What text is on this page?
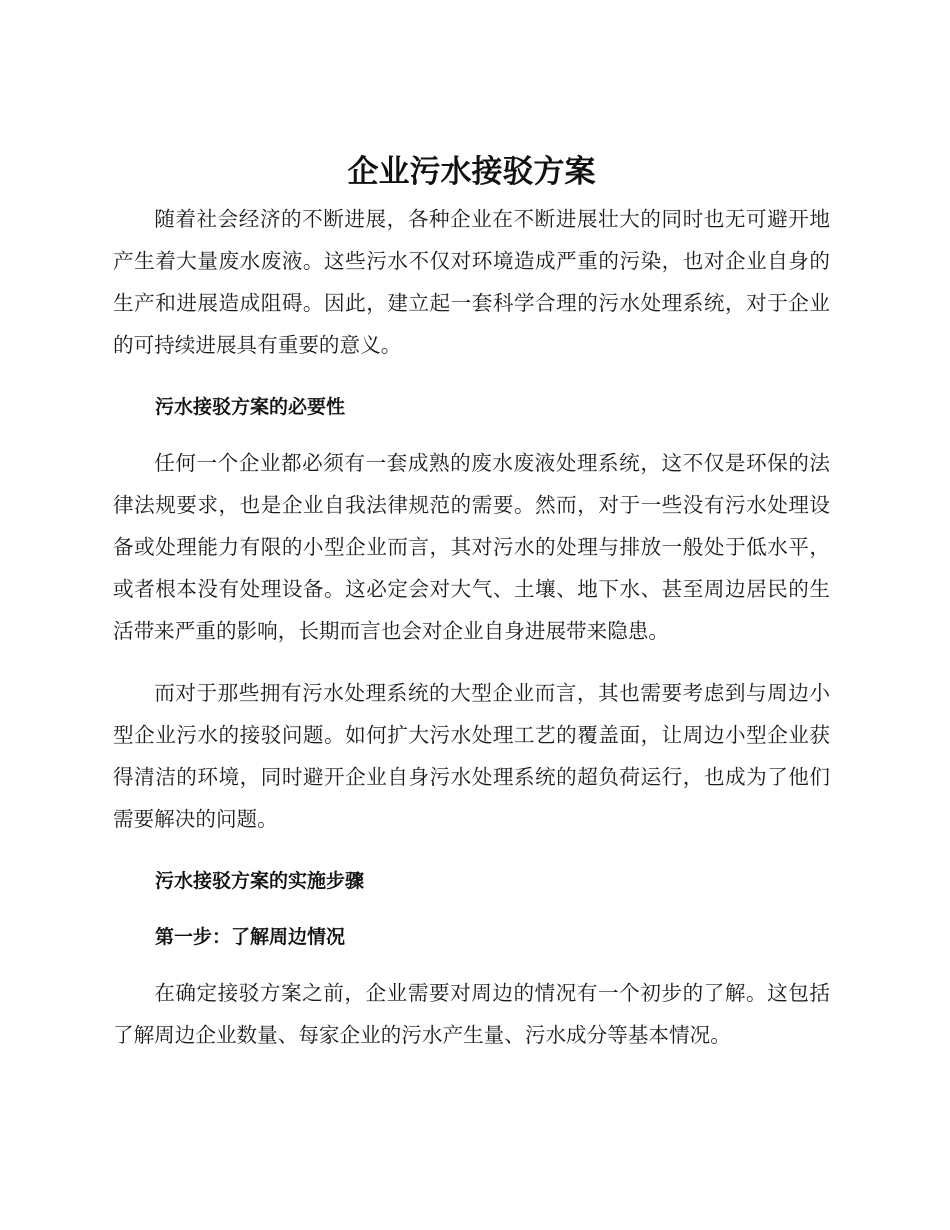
企业污水接驳方案

随着社会经济的不断进展，各种企业在不断进展壮大的同时也无可避开地产生着大量废水废液。这些污水不仅对环境造成严重的污染，也对企业自身的生产和进展造成阻碍。因此，建立起一套科学合理的污水处理系统，对于企业的可持续进展具有重要的意义。

污水接驳方案的必要性

任何一个企业都必须有一套成熟的废水废液处理系统，这不仅是环保的法律法规要求，也是企业自我法律规范的需要。然而，对于一些没有污水处理设备或处理能力有限的小型企业而言，其对污水的处理与排放一般处于低水平，或者根本没有处理设备。这必定会对大气、土壤、地下水、甚至周边居民的生活带来严重的影响，长期而言也会对企业自身进展带来隐患。

而对于那些拥有污水处理系统的大型企业而言，其也需要考虑到与周边小型企业污水的接驳问题。如何扩大污水处理工艺的覆盖面，让周边小型企业获得清洁的环境，同时避开企业自身污水处理系统的超负荷运行，也成为了他们需要解决的问题。

污水接驳方案的实施步骤
第一步：了解周边情况

在确定接驳方案之前，企业需要对周边的情况有一个初步的了解。这包括了解周边企业数量、每家企业的污水产生量、污水成分等基本情况。
